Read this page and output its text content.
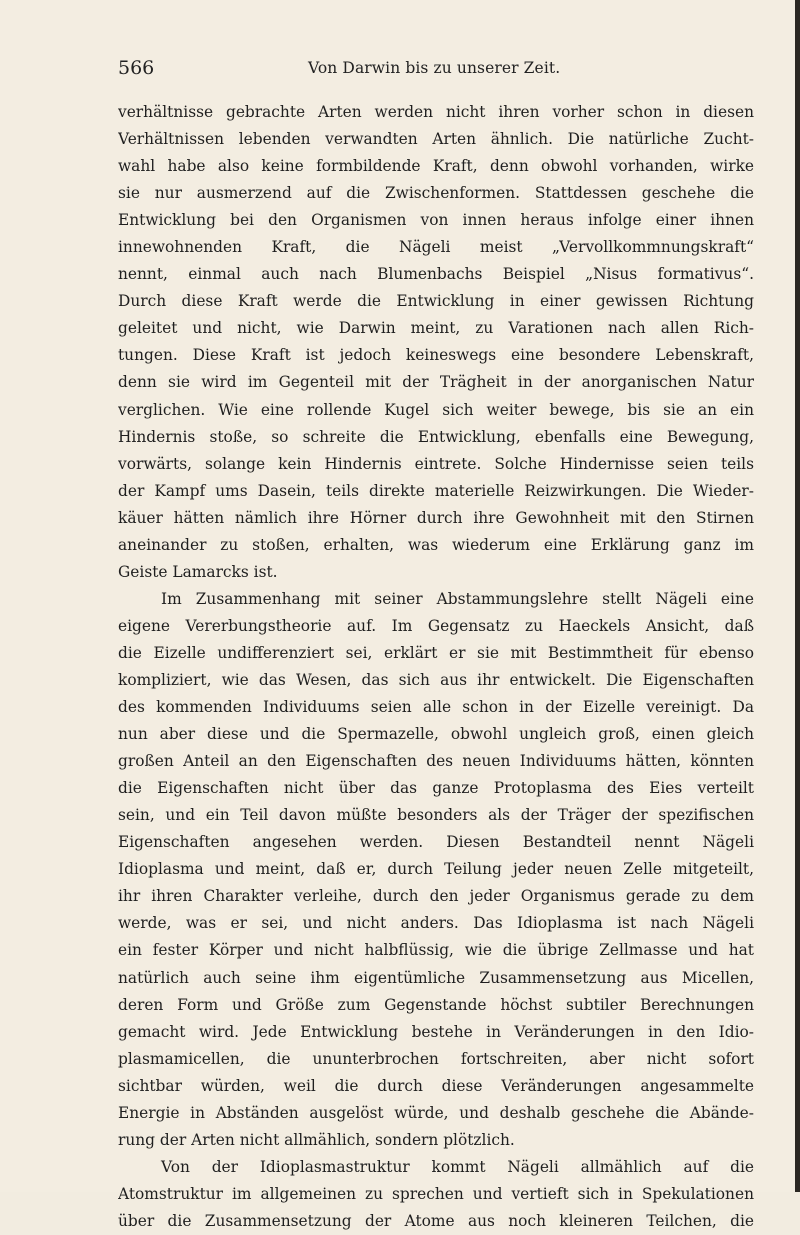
566	Von Darwin bis zu unserer Zeit.
verhältnisse gebrachte Arten werden nicht ihren vorher schon in diesen
Verhältnissen lebenden verwandten Arten ähnlich. Die natürliche Zucht-
wahl habe also keine formbildende Kraft, denn obwohl vorhanden, wirke
sie nur ausmerzend auf die Zwischenformen. Stattdessen geschehe die
Entwicklung bei den Organismen von innen heraus infolge einer ihnen
innewohnenden Kraft, die Nägeli meist „Vervollkommnungskraft“
nennt, einmal auch nach Blumenbachs Beispiel „Nisus formativus“.
Durch diese Kraft werde die Entwicklung in einer gewissen Richtung
geleitet und nicht, wie Darwin meint, zu Varationen nach allen Rich-
tungen. Diese Kraft ist jedoch keineswegs eine besondere Lebenskraft,
denn sie wird im Gegenteil mit der Trägheit in der anorganischen Natur
verglichen. Wie eine rollende Kugel sich weiter bewege, bis sie an ein
Hindernis stoße, so schreite die Entwicklung, ebenfalls eine Bewegung,
vorwärts, solange kein Hindernis eintrete. Solche Hindernisse seien teils
der Kampf ums Dasein, teils direkte materielle Reizwirkungen. Die Wieder-
käuer hätten nämlich ihre Hörner durch ihre Gewohnheit mit den Stirnen
aneinander zu stoßen, erhalten, was wiederum eine Erklärung ganz im
Geiste Lamarcks ist.
Im Zusammenhang mit seiner Abstammungslehre stellt Nägeli eine
eigene Vererbungstheorie auf. Im Gegensatz zu Haeckels Ansicht, daß
die Eizelle undifferenziert sei, erklärt er sie mit Bestimmtheit für ebenso
kompliziert, wie das Wesen, das sich aus ihr entwickelt. Die Eigenschaften
des kommenden Individuums seien alle schon in der Eizelle vereinigt. Da
nun aber diese und die Spermazelle, obwohl ungleich groß, einen gleich
großen Anteil an den Eigenschaften des neuen Individuums hätten, könnten
die Eigenschaften nicht über das ganze Protoplasma des Eies verteilt
sein, und ein Teil davon müßte besonders als der Träger der spezifischen
Eigenschaften angesehen werden. Diesen Bestandteil nennt Nägeli
Idioplasma und meint, daß er, durch Teilung jeder neuen Zelle mitgeteilt,
ihr ihren Charakter verleihe, durch den jeder Organismus gerade zu dem
werde, was er sei, und nicht anders. Das Idioplasma ist nach Nägeli
ein fester Körper und nicht halbflüssig, wie die übrige Zellmasse und hat
natürlich auch seine ihm eigentümliche Zusammensetzung aus Micellen,
deren Form und Größe zum Gegenstande höchst subtiler Berechnungen
gemacht wird. Jede Entwicklung bestehe in Veränderungen in den Idio-
plasmamicellen, die ununterbrochen fortschreiten, aber nicht sofort
sichtbar würden, weil die durch diese Veränderungen angesammelte
Energie in Abständen ausgelöst würde, und deshalb geschehe die Abände-
rung der Arten nicht allmählich, sondern plötzlich.
Von der Idioplasmastruktur kommt Nägeli allmählich auf die
Atomstruktur im allgemeinen zu sprechen und vertieft sich in Spekulationen
über die Zusammensetzung der Atome aus noch kleineren Teilchen, die
